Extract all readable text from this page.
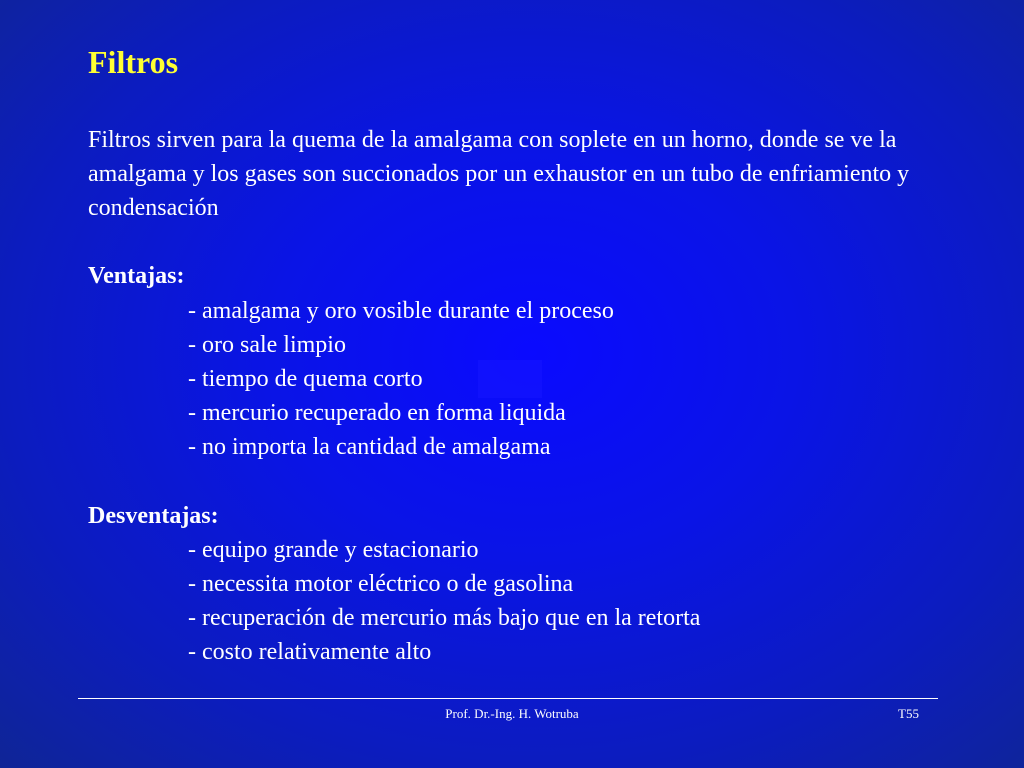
Filtros

Filtros sirven para la quema de la amalgama con soplete en un horno, donde se ve la amalgama y los gases son succionados por un exhaustor en un tubo de enfriamiento y condensación

Ventajas:
- amalgama y oro vosible durante el proceso
- oro sale limpio
- tiempo de quema corto
- mercurio recuperado en forma liquida
- no importa la cantidad de amalgama
Desventajas:
- equipo grande y estacionario
- necessita motor eléctrico o de gasolina
- recuperación de mercurio más bajo que en la retorta
- costo relativamente alto
Prof. Dr.-Ing. H. Wotruba	T55
